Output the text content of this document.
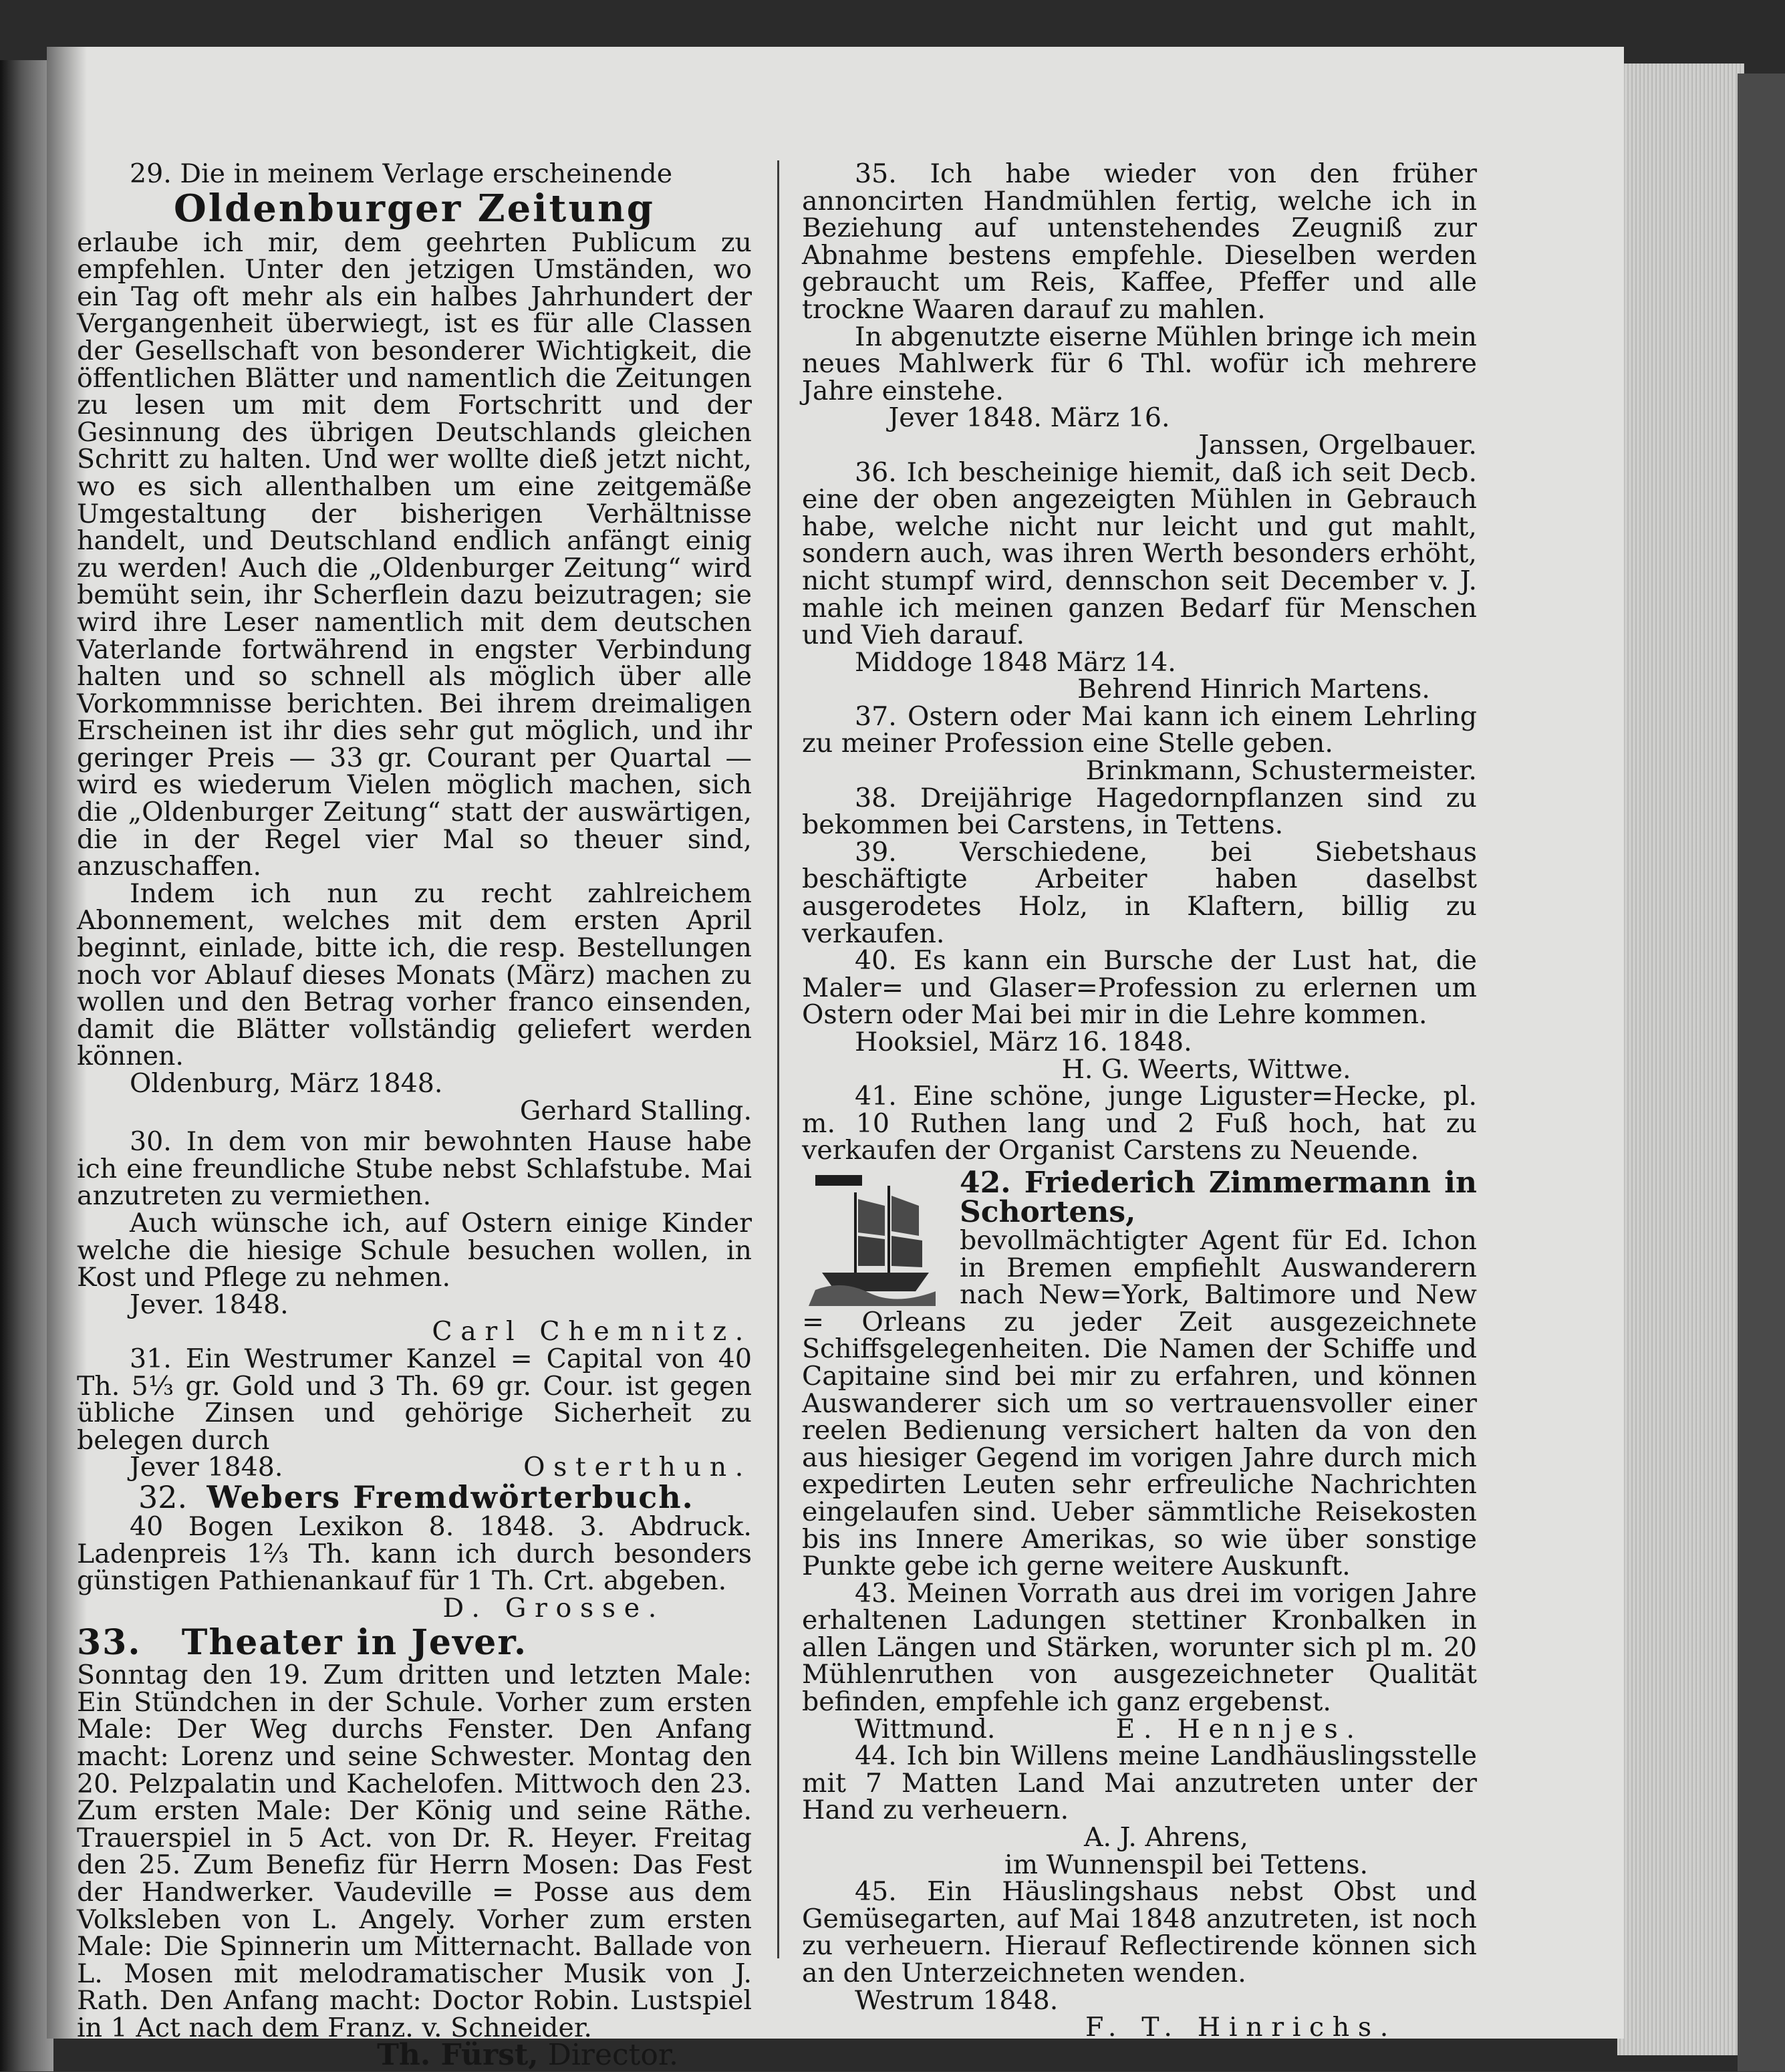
29. Die in meinem Verlage erscheinende
Oldenburger Zeitung
erlaube ich mir, dem geehrten Publicum zu empfehlen. Unter den jetzigen Umständen, wo ein Tag oft mehr als ein halbes Jahrhundert der Vergangenheit überwiegt, ist es für alle Classen der Gesellschaft von besonderer Wichtigkeit, die öffentlichen Blätter und namentlich die Zeitungen zu lesen um mit dem Fortschritt und der Gesinnung des übrigen Deutschlands gleichen Schritt zu halten. Und wer wollte dieß jetzt nicht, wo es sich allenthalben um eine zeitgemäße Umgestaltung der bisherigen Verhältnisse handelt, und Deutschland endlich anfängt einig zu werden! Auch die „Oldenburger Zeitung“ wird bemüht sein, ihr Scherflein dazu beizutragen; sie wird ihre Leser namentlich mit dem deutschen Vaterlande fortwährend in engster Verbindung halten und so schnell als möglich über alle Vorkommnisse berichten. Bei ihrem dreimaligen Erscheinen ist ihr dies sehr gut möglich, und ihr geringer Preis — 33 gr. Courant per Quartal — wird es wiederum Vielen möglich machen, sich die „Oldenburger Zeitung“ statt der auswärtigen, die in der Regel vier Mal so theuer sind, anzuschaffen.
Indem ich nun zu recht zahlreichem Abonnement, welches mit dem ersten April beginnt, einlade, bitte ich, die resp. Bestellungen noch vor Ablauf dieses Monats (März) machen zu wollen und den Betrag vorher franco einsenden, damit die Blätter vollständig geliefert werden können.
Oldenburg, März 1848.
Gerhard Stalling.
30. In dem von mir bewohnten Hause habe ich eine freundliche Stube nebst Schlafstube. Mai anzutreten zu vermiethen.
Auch wünsche ich, auf Ostern einige Kinder welche die hiesige Schule besuchen wollen, in Kost und Pflege zu nehmen.
Jever. 1848.
Carl Chemnitz.
31. Ein Westrumer Kanzel = Capital von 40 Th. 5⅓ gr. Gold und 3 Th. 69 gr. Cour. ist gegen übliche Zinsen und gehörige Sicherheit zu belegen durch
Jever 1848.	Osterthun.
32. Webers Fremdwörterbuch.
40 Bogen Lexikon 8. 1848. 3. Abdruck. Ladenpreis 1⅔ Th. kann ich durch besonders günstigen Pathienankauf für 1 Th. Crt. abgeben.
D. Grosse.
33. Theater in Jever.
Sonntag den 19. Zum dritten und letzten Male: Ein Stündchen in der Schule. Vorher zum ersten Male: Der Weg durchs Fenster. Den Anfang macht: Lorenz und seine Schwester. Montag den 20. Pelzpalatin und Kachelofen. Mittwoch den 23. Zum ersten Male: Der König und seine Räthe. Trauerspiel in 5 Act. von Dr. R. Heyer. Freitag den 25. Zum Benefiz für Herrn Mosen: Das Fest der Handwerker. Vaudeville = Posse aus dem Volksleben von L. Angely. Vorher zum ersten Male: Die Spinnerin um Mitternacht. Ballade von L. Mosen mit melodramatischer Musik von J. Rath. Den Anfang macht: Doctor Robin. Lustspiel in 1 Act nach dem Franz. v. Schneider.
Th. Fürst, Director.
35. Ich habe wieder von den früher annoncirten Handmühlen fertig, welche ich in Beziehung auf untenstehendes Zeugniß zur Abnahme bestens empfehle. Dieselben werden gebraucht um Reis, Kaffee, Pfeffer und alle trockne Waaren darauf zu mahlen.
In abgenutzte eiserne Mühlen bringe ich mein neues Mahlwerk für 6 Thl. wofür ich mehrere Jahre einstehe.
Jever 1848. März 16.
Janssen, Orgelbauer.
36. Ich bescheinige hiemit, daß ich seit Decb. eine der oben angezeigten Mühlen in Gebrauch habe, welche nicht nur leicht und gut mahlt, sondern auch, was ihren Werth besonders erhöht, nicht stumpf wird, dennschon seit December v. J. mahle ich meinen ganzen Bedarf für Menschen und Vieh darauf.
Middoge 1848 März 14.
Behrend Hinrich Martens.
37. Ostern oder Mai kann ich einem Lehrling zu meiner Profession eine Stelle geben.
Brinkmann, Schustermeister.
38. Dreijährige Hagedornpflanzen sind zu bekommen bei Carstens, in Tettens.
39. Verschiedene, bei Siebetshaus beschäftigte Arbeiter haben daselbst ausgerodetes Holz, in Klaftern, billig zu verkaufen.
40. Es kann ein Bursche der Lust hat, die Maler= und Glaser=Profession zu erlernen um Ostern oder Mai bei mir in die Lehre kommen.
Hooksiel, März 16. 1848.
H. G. Weerts, Wittwe.
41. Eine schöne, junge Liguster=Hecke, pl. m. 10 Ruthen lang und 2 Fuß hoch, hat zu verkaufen der Organist Carstens zu Neuende.
42. Friederich Zimmermann in Schortens,
bevollmächtigter Agent für Ed. Ichon in Bremen empfiehlt Auswanderern nach New=York, Baltimore und New = Orleans zu jeder Zeit ausgezeichnete Schiffsgelegenheiten. Die Namen der Schiffe und Capitaine sind bei mir zu erfahren, und können Auswanderer sich um so vertrauensvoller einer reelen Bedienung versichert halten da von den aus hiesiger Gegend im vorigen Jahre durch mich expedirten Leuten sehr erfreuliche Nachrichten eingelaufen sind. Ueber sämmtliche Reisekosten bis ins Innere Amerikas, so wie über sonstige Punkte gebe ich gerne weitere Auskunft.
43. Meinen Vorrath aus drei im vorigen Jahre erhaltenen Ladungen stettiner Kronbalken in allen Längen und Stärken, worunter sich pl m. 20 Mühlenruthen von ausgezeichneter Qualität befinden, empfehle ich ganz ergebenst.
Wittmund.	E. Hennjes.
44. Ich bin Willens meine Landhäuslingsstelle mit 7 Matten Land Mai anzutreten unter der Hand zu verheuern.
A. J. Ahrens,
im Wunnenspil bei Tettens.
45. Ein Häuslingshaus nebst Obst und Gemüsegarten, auf Mai 1848 anzutreten, ist noch zu verheuern. Hierauf Reflectirende können sich an den Unterzeichneten wenden.
Westrum 1848.
F. T. Hinrichs.
